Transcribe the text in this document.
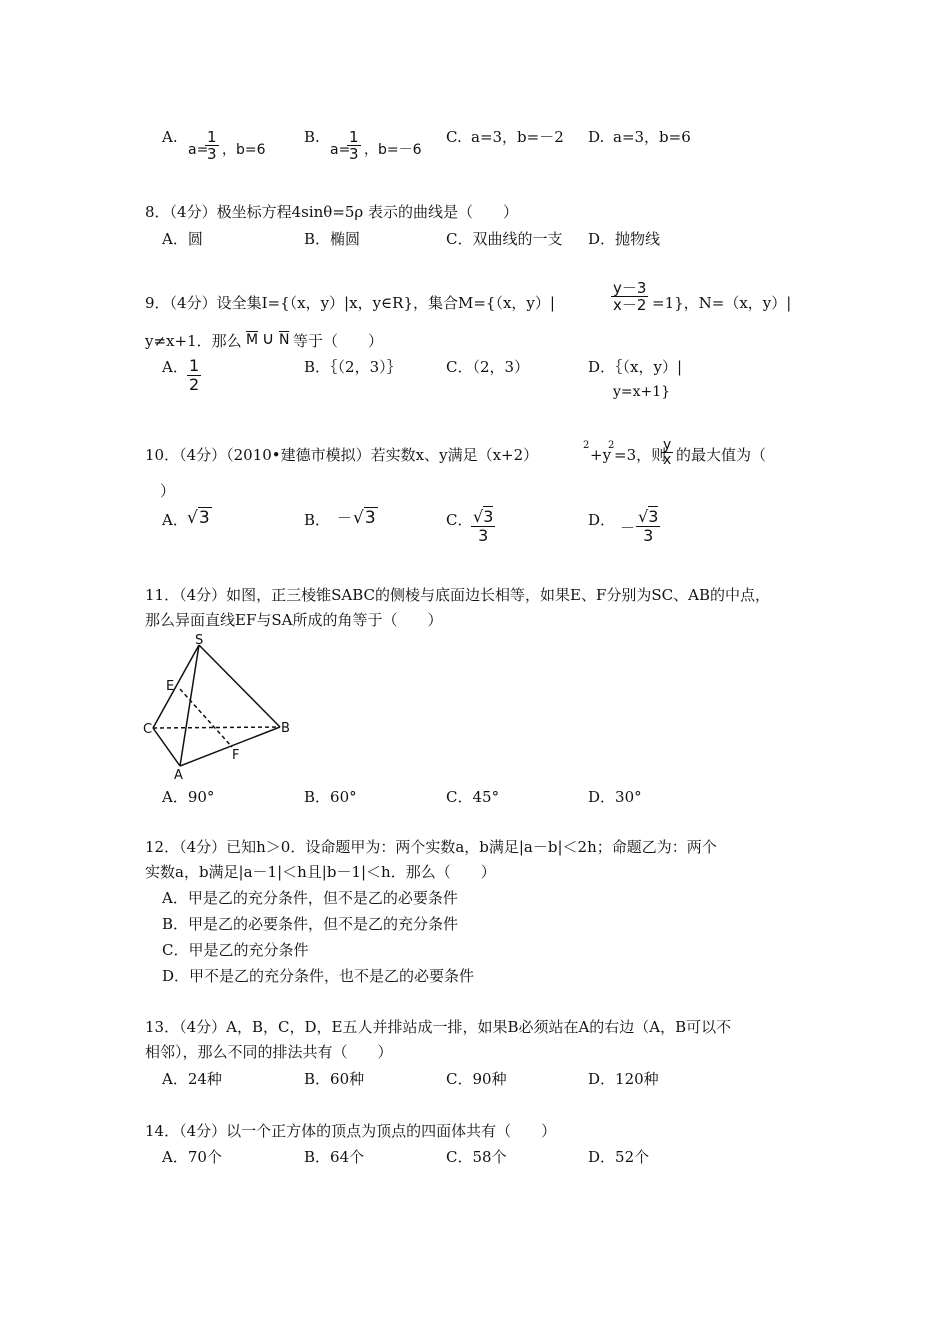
A.
a=
1
3 ，b=6
B.
a=
1
3 ，b=－6
C. a=3，b=－2 D. a=3，b=6
8．（4分）极坐标方程4sinθ=5ρ 表示的曲线是（　　）
A．圆	B．椭圆	C．双曲线的一支 D．抛物线
9．（4分）设全集I={（x，y）|x，y∈R}，集合M={（x，y）|
y－3
x－2 =1}，N=（x，y）|
y≠x+1．那么 M ∪ N 等于（　　）
A． 1
2
B．｛（2，3）｝	C．（2，3）	D．｛（x，y）|
y=x+1}
10．（4分）（2010•建德市模拟）若实数x、y满足（x+2）
2
+y
2
=3，则
y
x 的最大值为（
）
A． √3	B． － √3	C． √3
3
D． －
√3
3
11．（4分）如图，正三棱锥SABC的侧棱与底面边长相等，如果E、F分别为SC、AB的中点，
那么异面直线EF与SA所成的角等于（　　）
S
E
C	B
F
A
A．90°	B．60°	C．45°	D．30°
12．（4分）已知h＞0．设命题甲为：两个实数a，b满足|a－b|＜2h；命题乙为：两个
实数a，b满足|a－1|＜h且|b－1|＜h．那么（　　）
A．甲是乙的充分条件，但不是乙的必要条件
B．甲是乙的必要条件，但不是乙的充分条件
C．甲是乙的充分条件
D．甲不是乙的充分条件，也不是乙的必要条件
13．（4分）A，B，C，D，E五人并排站成一排，如果B必须站在A的右边（A，B可以不
相邻），那么不同的排法共有（　　）
A．24种	B．60种	C．90种	D．120种
14．（4分）以一个正方体的顶点为顶点的四面体共有（　　）
A．70个	B．64个	C．58个	D．52个
